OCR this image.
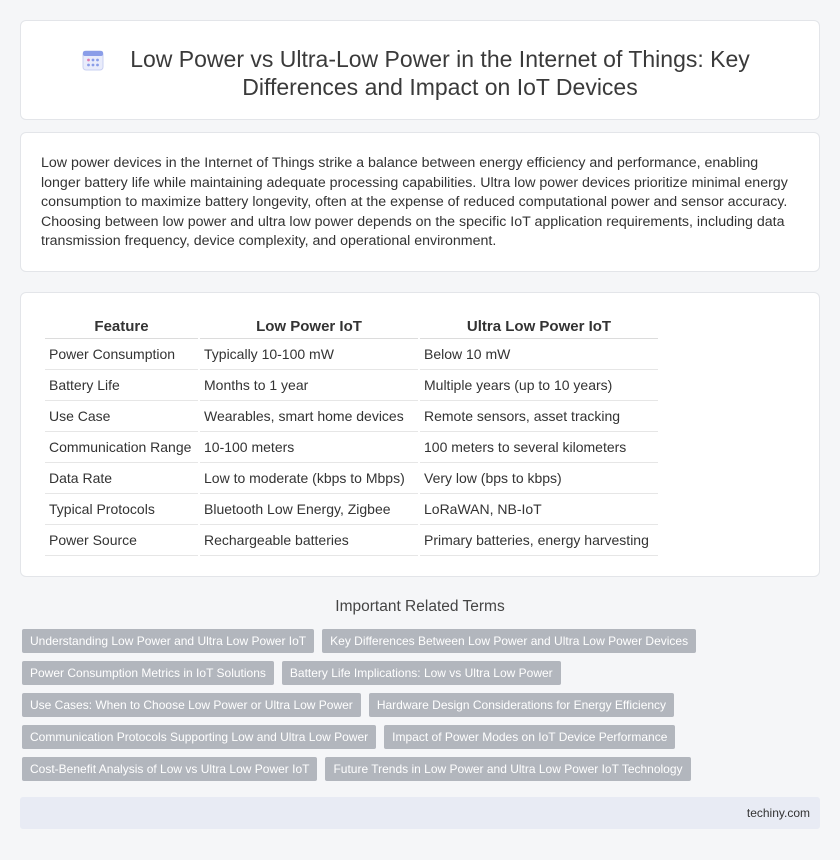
Low Power vs Ultra-Low Power in the Internet of Things: Key Differences and Impact on IoT Devices

Low power devices in the Internet of Things strike a balance between energy efficiency and performance, enabling longer battery life while maintaining adequate processing capabilities. Ultra low power devices prioritize minimal energy consumption to maximize battery longevity, often at the expense of reduced computational power and sensor accuracy. Choosing between low power and ultra low power depends on the specific IoT application requirements, including data transmission frequency, device complexity, and operational environment.

Feature	Low Power IoT	Ultra Low Power IoT
Power Consumption	Typically 10-100 mW	Below 10 mW
Battery Life	Months to 1 year	Multiple years (up to 10 years)
Use Case	Wearables, smart home devices	Remote sensors, asset tracking
Communication Range	10-100 meters	100 meters to several kilometers
Data Rate	Low to moderate (kbps to Mbps)	Very low (bps to kbps)
Typical Protocols	Bluetooth Low Energy, Zigbee	LoRaWAN, NB-IoT
Power Source	Rechargeable batteries	Primary batteries, energy harvesting
Important Related Terms
Understanding Low Power and Ultra Low Power IoT	Key Differences Between Low Power and Ultra Low Power Devices
Power Consumption Metrics in IoT Solutions	Battery Life Implications: Low vs Ultra Low Power
Use Cases: When to Choose Low Power or Ultra Low Power	Hardware Design Considerations for Energy Efficiency
Communication Protocols Supporting Low and Ultra Low Power	Impact of Power Modes on IoT Device Performance
Cost-Benefit Analysis of Low vs Ultra Low Power IoT	Future Trends in Low Power and Ultra Low Power IoT Technology
techiny.com
